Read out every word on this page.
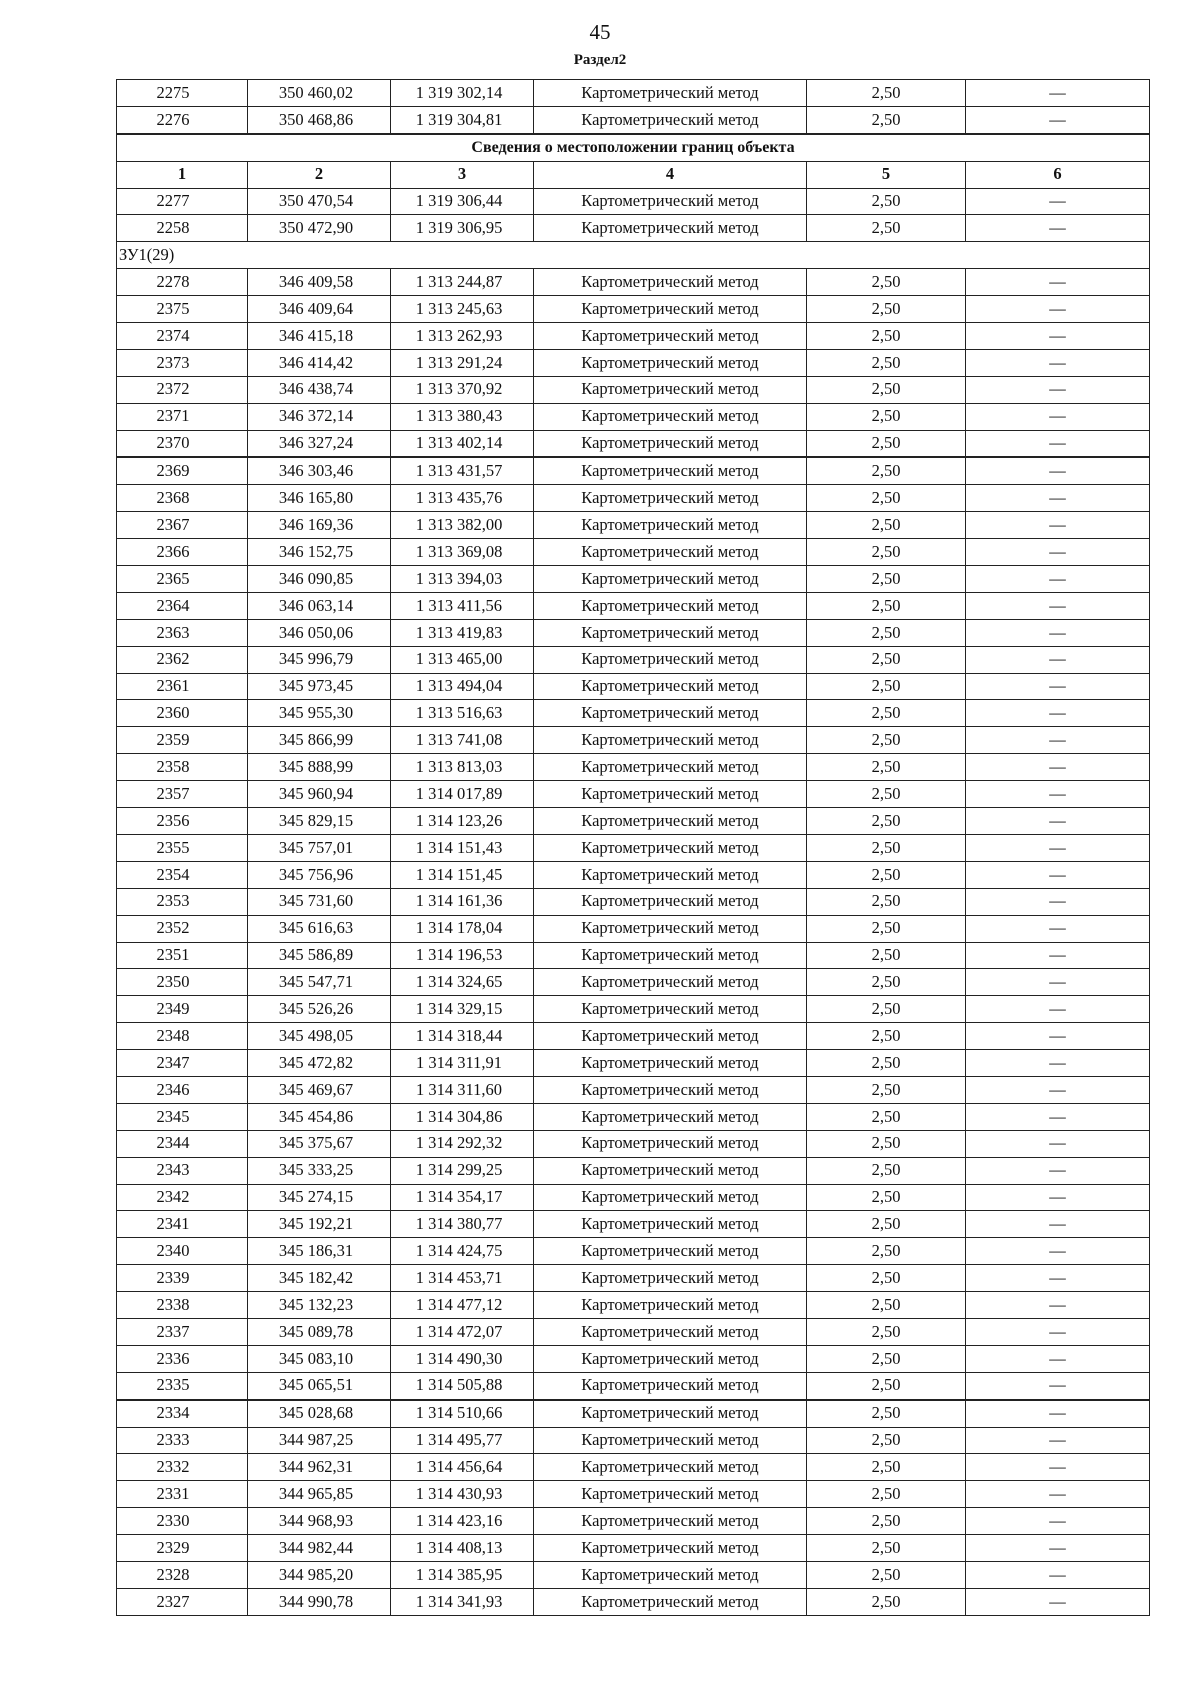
45
Раздел2
2275	350 460,02	1 319 302,14	Картометрический метод	2,50	—
2276	350 468,86	1 319 304,81	Картометрический метод	2,50	—
Сведения о местоположении границ объекта					
1	2	3	4	5	6
2277	350 470,54	1 319 306,44	Картометрический метод	2,50	—
2258	350 472,90	1 319 306,95	Картометрический метод	2,50	—
ЗУ1(29)					
2278	346 409,58	1 313 244,87	Картометрический метод	2,50	—
2375	346 409,64	1 313 245,63	Картометрический метод	2,50	—
2374	346 415,18	1 313 262,93	Картометрический метод	2,50	—
2373	346 414,42	1 313 291,24	Картометрический метод	2,50	—
2372	346 438,74	1 313 370,92	Картометрический метод	2,50	—
2371	346 372,14	1 313 380,43	Картометрический метод	2,50	—
2370	346 327,24	1 313 402,14	Картометрический метод	2,50	—
2369	346 303,46	1 313 431,57	Картометрический метод	2,50	—
2368	346 165,80	1 313 435,76	Картометрический метод	2,50	—
2367	346 169,36	1 313 382,00	Картометрический метод	2,50	—
2366	346 152,75	1 313 369,08	Картометрический метод	2,50	—
2365	346 090,85	1 313 394,03	Картометрический метод	2,50	—
2364	346 063,14	1 313 411,56	Картометрический метод	2,50	—
2363	346 050,06	1 313 419,83	Картометрический метод	2,50	—
2362	345 996,79	1 313 465,00	Картометрический метод	2,50	—
2361	345 973,45	1 313 494,04	Картометрический метод	2,50	—
2360	345 955,30	1 313 516,63	Картометрический метод	2,50	—
2359	345 866,99	1 313 741,08	Картометрический метод	2,50	—
2358	345 888,99	1 313 813,03	Картометрический метод	2,50	—
2357	345 960,94	1 314 017,89	Картометрический метод	2,50	—
2356	345 829,15	1 314 123,26	Картометрический метод	2,50	—
2355	345 757,01	1 314 151,43	Картометрический метод	2,50	—
2354	345 756,96	1 314 151,45	Картометрический метод	2,50	—
2353	345 731,60	1 314 161,36	Картометрический метод	2,50	—
2352	345 616,63	1 314 178,04	Картометрический метод	2,50	—
2351	345 586,89	1 314 196,53	Картометрический метод	2,50	—
2350	345 547,71	1 314 324,65	Картометрический метод	2,50	—
2349	345 526,26	1 314 329,15	Картометрический метод	2,50	—
2348	345 498,05	1 314 318,44	Картометрический метод	2,50	—
2347	345 472,82	1 314 311,91	Картометрический метод	2,50	—
2346	345 469,67	1 314 311,60	Картометрический метод	2,50	—
2345	345 454,86	1 314 304,86	Картометрический метод	2,50	—
2344	345 375,67	1 314 292,32	Картометрический метод	2,50	—
2343	345 333,25	1 314 299,25	Картометрический метод	2,50	—
2342	345 274,15	1 314 354,17	Картометрический метод	2,50	—
2341	345 192,21	1 314 380,77	Картометрический метод	2,50	—
2340	345 186,31	1 314 424,75	Картометрический метод	2,50	—
2339	345 182,42	1 314 453,71	Картометрический метод	2,50	—
2338	345 132,23	1 314 477,12	Картометрический метод	2,50	—
2337	345 089,78	1 314 472,07	Картометрический метод	2,50	—
2336	345 083,10	1 314 490,30	Картометрический метод	2,50	—
2335	345 065,51	1 314 505,88	Картометрический метод	2,50	—
2334	345 028,68	1 314 510,66	Картометрический метод	2,50	—
2333	344 987,25	1 314 495,77	Картометрический метод	2,50	—
2332	344 962,31	1 314 456,64	Картометрический метод	2,50	—
2331	344 965,85	1 314 430,93	Картометрический метод	2,50	—
2330	344 968,93	1 314 423,16	Картометрический метод	2,50	—
2329	344 982,44	1 314 408,13	Картометрический метод	2,50	—
2328	344 985,20	1 314 385,95	Картометрический метод	2,50	—
2327	344 990,78	1 314 341,93	Картометрический метод	2,50	—
